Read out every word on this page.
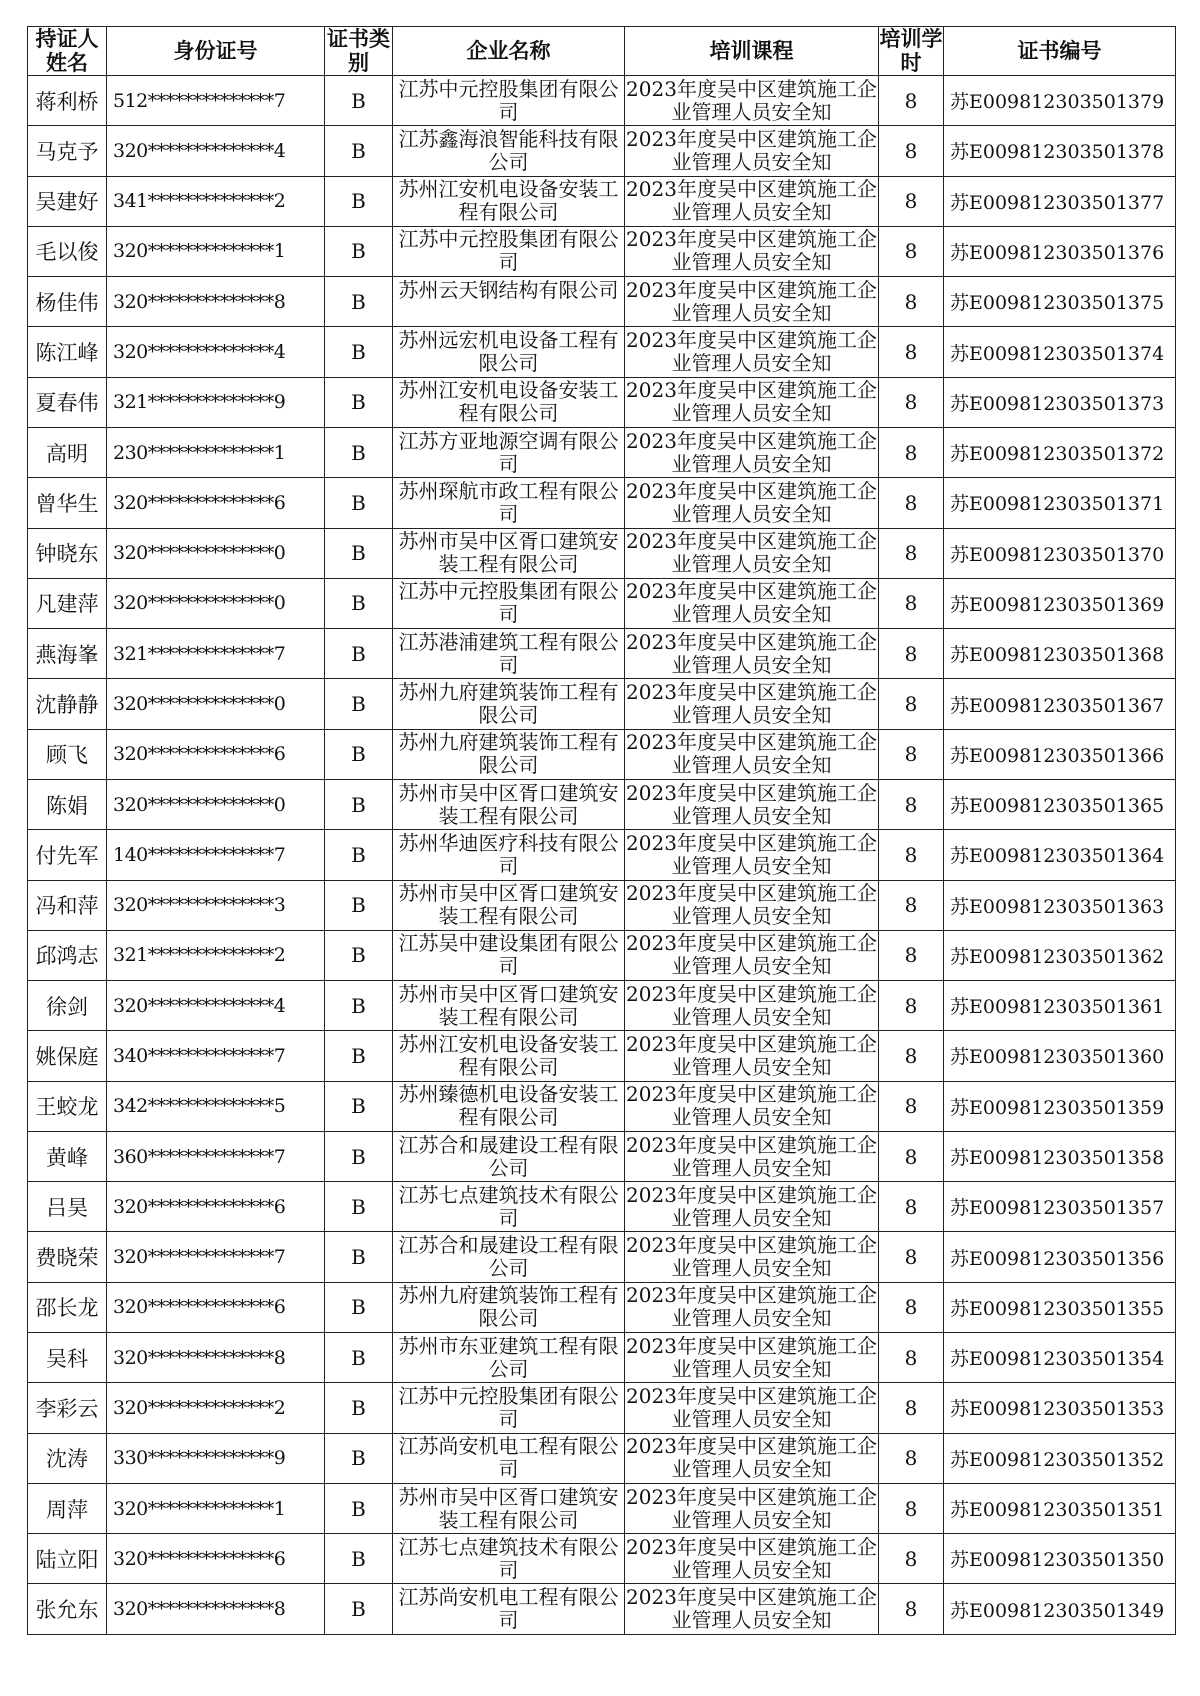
持证人姓名	身份证号	证书类别	企业名称	培训课程	培训学时	证书编号
蒋利桥	512**************7	B	江苏中元控股集团有限公司	2023年度吴中区建筑施工企业管理人员安全知	8	苏E009812303501379
马克予	320**************4	B	江苏鑫海浪智能科技有限公司	2023年度吴中区建筑施工企业管理人员安全知	8	苏E009812303501378
吴建好	341**************2	B	苏州江安机电设备安装工程有限公司	2023年度吴中区建筑施工企业管理人员安全知	8	苏E009812303501377
毛以俊	320**************1	B	江苏中元控股集团有限公司	2023年度吴中区建筑施工企业管理人员安全知	8	苏E009812303501376
杨佳伟	320**************8	B	苏州云天钢结构有限公司	2023年度吴中区建筑施工企业管理人员安全知	8	苏E009812303501375
陈江峰	320**************4	B	苏州远宏机电设备工程有限公司	2023年度吴中区建筑施工企业管理人员安全知	8	苏E009812303501374
夏春伟	321**************9	B	苏州江安机电设备安装工程有限公司	2023年度吴中区建筑施工企业管理人员安全知	8	苏E009812303501373
高明	230**************1	B	江苏方亚地源空调有限公司	2023年度吴中区建筑施工企业管理人员安全知	8	苏E009812303501372
曾华生	320**************6	B	苏州琛航市政工程有限公司	2023年度吴中区建筑施工企业管理人员安全知	8	苏E009812303501371
钟晓东	320**************0	B	苏州市吴中区胥口建筑安装工程有限公司	2023年度吴中区建筑施工企业管理人员安全知	8	苏E009812303501370
凡建萍	320**************0	B	江苏中元控股集团有限公司	2023年度吴中区建筑施工企业管理人员安全知	8	苏E009812303501369
燕海峯	321**************7	B	江苏港浦建筑工程有限公司	2023年度吴中区建筑施工企业管理人员安全知	8	苏E009812303501368
沈静静	320**************0	B	苏州九府建筑装饰工程有限公司	2023年度吴中区建筑施工企业管理人员安全知	8	苏E009812303501367
顾飞	320**************6	B	苏州九府建筑装饰工程有限公司	2023年度吴中区建筑施工企业管理人员安全知	8	苏E009812303501366
陈娟	320**************0	B	苏州市吴中区胥口建筑安装工程有限公司	2023年度吴中区建筑施工企业管理人员安全知	8	苏E009812303501365
付先军	140**************7	B	苏州华迪医疗科技有限公司	2023年度吴中区建筑施工企业管理人员安全知	8	苏E009812303501364
冯和萍	320**************3	B	苏州市吴中区胥口建筑安装工程有限公司	2023年度吴中区建筑施工企业管理人员安全知	8	苏E009812303501363
邱鸿志	321**************2	B	江苏吴中建设集团有限公司	2023年度吴中区建筑施工企业管理人员安全知	8	苏E009812303501362
徐剑	320**************4	B	苏州市吴中区胥口建筑安装工程有限公司	2023年度吴中区建筑施工企业管理人员安全知	8	苏E009812303501361
姚保庭	340**************7	B	苏州江安机电设备安装工程有限公司	2023年度吴中区建筑施工企业管理人员安全知	8	苏E009812303501360
王蛟龙	342**************5	B	苏州臻德机电设备安装工程有限公司	2023年度吴中区建筑施工企业管理人员安全知	8	苏E009812303501359
黄峰	360**************7	B	江苏合和晟建设工程有限公司	2023年度吴中区建筑施工企业管理人员安全知	8	苏E009812303501358
吕昊	320**************6	B	江苏七点建筑技术有限公司	2023年度吴中区建筑施工企业管理人员安全知	8	苏E009812303501357
费晓荣	320**************7	B	江苏合和晟建设工程有限公司	2023年度吴中区建筑施工企业管理人员安全知	8	苏E009812303501356
邵长龙	320**************6	B	苏州九府建筑装饰工程有限公司	2023年度吴中区建筑施工企业管理人员安全知	8	苏E009812303501355
吴科	320**************8	B	苏州市东亚建筑工程有限公司	2023年度吴中区建筑施工企业管理人员安全知	8	苏E009812303501354
李彩云	320**************2	B	江苏中元控股集团有限公司	2023年度吴中区建筑施工企业管理人员安全知	8	苏E009812303501353
沈涛	330**************9	B	江苏尚安机电工程有限公司	2023年度吴中区建筑施工企业管理人员安全知	8	苏E009812303501352
周萍	320**************1	B	苏州市吴中区胥口建筑安装工程有限公司	2023年度吴中区建筑施工企业管理人员安全知	8	苏E009812303501351
陆立阳	320**************6	B	江苏七点建筑技术有限公司	2023年度吴中区建筑施工企业管理人员安全知	8	苏E009812303501350
张允东	320**************8	B	江苏尚安机电工程有限公司	2023年度吴中区建筑施工企业管理人员安全知	8	苏E009812303501349
